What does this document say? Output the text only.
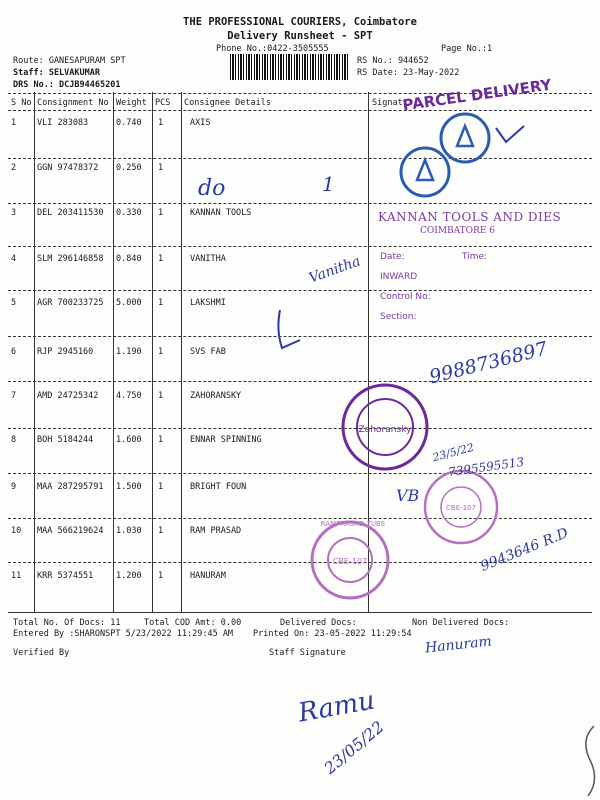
THE PROFESSIONAL COURIERS, Coimbatore
Delivery Runsheet - SPT
Phone No.:0422-3505555	Page No.:1
Route: GANESAPURAM SPT
Staff: SELVAKUMAR
DRS No.: DCJB94465201
RS No.: 944652
RS Date: 23-May-2022
S No Consignment No Weight PCS Consignee Details	Signat
1 VLI 283083	0.740 1	AXIS
2 GGN 97478372 0.250 1
3 DEL 203411530 0.330 1	KANNAN TOOLS
4 SLM 296146858 0.840 1	VANITHA
5 AGR 700233725 5.000 1	LAKSHMI
6 RJP 2945160	1.190 1	SVS FAB
7 AMD 24725342 4.750 1	ZAHORANSKY
8 BOH 5184244	1.600 1	ENNAR SPINNING
9 MAA 287295791 1.500 1	BRIGHT FOUN
10 MAA 566219624 1.030 1	RAM PRASAD
11 KRR 5374551	1.200 1	HANURAM
Total No. Of Docs: 11	Total COD Amt: 0.00	Delivered Docs:	Non Delivered Docs:
Entered By :SHARONSPT 5/23/2022 11:29:45 AM Printed On: 23-05-2022 11:29:54
Verified By	Staff Signature
PARCEL DELIVERY
KANNAN TOOLS AND DIES
COIMBATORE 6
Date:	Time:
INWARD
Control No:
Section:
Zahoransky
CBE-107
CBE-107
RAMPRASAD TUBE
do	1
Vanitha
9988736897
23/5/22
7395595513
VB
9943646 R.D
Hanuram
Ramu
23/05/22
